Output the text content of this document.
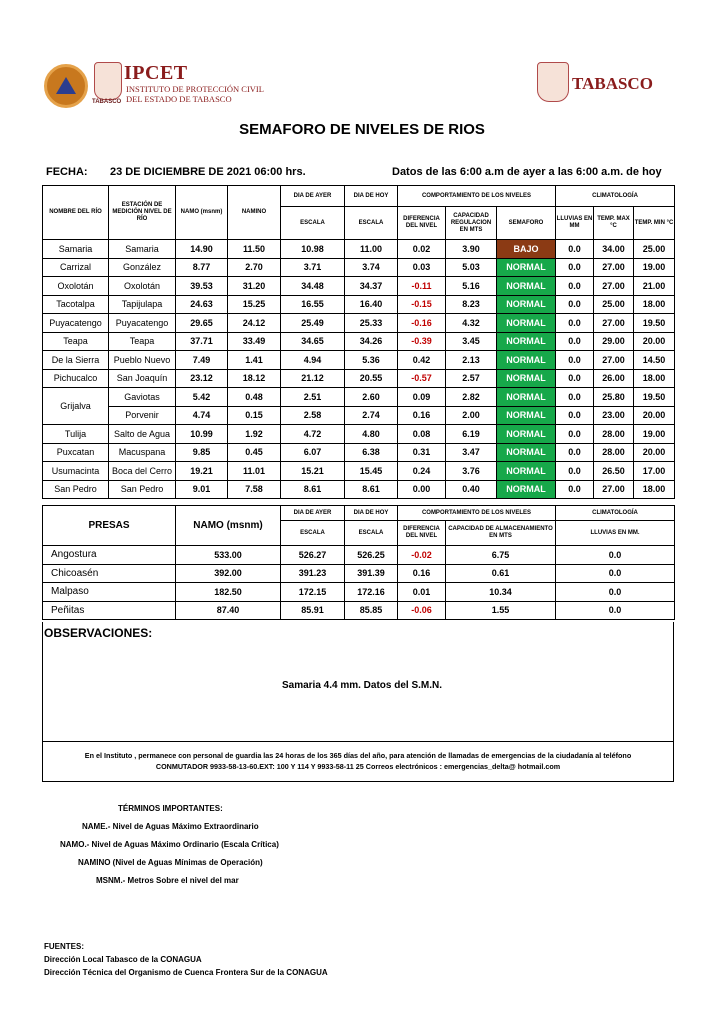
TABASCO
IPCET
INSTITUTO DE PROTECCIÓN CIVIL
DEL ESTADO DE TABASCO
TABASCO
SEMAFORO DE NIVELES DE RIOS
FECHA: 23 DE DICIEMBRE DE 2021 06:00 hrs.	Datos de las 6:00 a.m de ayer a las 6:00 a.m. de hoy
NOMBRE DEL RÍO	ESTACIÓN DE MEDICIÓN NIVEL DE RÍO	NAMO (msnm)	NAMINO	DIA DE AYER	DIA DE HOY	COMPORTAMIENTO DE LOS NIVELES			CLIMATOLOGÍA		
				ESCALA	ESCALA	DIFERENCIA DEL NIVEL	CAPACIDAD REGULACION EN MTS	SEMAFORO	LLUVIAS EN MM	TEMP. MAX °C	TEMP. MIN °C
Samaria	Samaria	14.90	11.50	10.98	11.00	0.02	3.90	BAJO	0.0	34.00	25.00
Carrizal	González	8.77	2.70	3.71	3.74	0.03	5.03	NORMAL	0.0	27.00	19.00
Oxolotán	Oxolotán	39.53	31.20	34.48	34.37	-0.11	5.16	NORMAL	0.0	27.00	21.00
Tacotalpa	Tapijulapa	24.63	15.25	16.55	16.40	-0.15	8.23	NORMAL	0.0	25.00	18.00
Puyacatengo	Puyacatengo	29.65	24.12	25.49	25.33	-0.16	4.32	NORMAL	0.0	27.00	19.50
Teapa	Teapa	37.71	33.49	34.65	34.26	-0.39	3.45	NORMAL	0.0	29.00	20.00
De la Sierra	Pueblo Nuevo	7.49	1.41	4.94	5.36	0.42	2.13	NORMAL	0.0	27.00	14.50
Pichucalco	San Joaquín	23.12	18.12	21.12	20.55	-0.57	2.57	NORMAL	0.0	26.00	18.00
Grijalva	Gaviotas	5.42	0.48	2.51	2.60	0.09	2.82	NORMAL	0.0	25.80	19.50
	Porvenir	4.74	0.15	2.58	2.74	0.16	2.00	NORMAL	0.0	23.00	20.00
Tulija	Salto de Agua	10.99	1.92	4.72	4.80	0.08	6.19	NORMAL	0.0	28.00	19.00
Puxcatan	Macuspana	9.85	0.45	6.07	6.38	0.31	3.47	NORMAL	0.0	28.00	20.00
Usumacinta	Boca del Cerro	19.21	11.01	15.21	15.45	0.24	3.76	NORMAL	0.0	26.50	17.00
San Pedro	San Pedro	9.01	7.58	8.61	8.61	0.00	0.40	NORMAL	0.0	27.00	18.00
PRESAS	NAMO (msnm)	DIA DE AYER	DIA DE HOY	COMPORTAMIENTO DE LOS NIVELES		CLIMATOLOGÍA
		ESCALA	ESCALA	DIFERENCIA DEL NIVEL	CAPACIDAD DE ALMACENAMIENTO EN MTS	LLUVIAS EN MM.
Angostura	533.00	526.27	526.25	-0.02	6.75	0.0
Chicoasén	392.00	391.23	391.39	0.16	0.61	0.0
Malpaso	182.50	172.15	172.16	0.01	10.34	0.0
Peñitas	87.40	85.91	85.85	-0.06	1.55	0.0
OBSERVACIONES:
Samaria 4.4 mm. Datos del S.M.N.
En el Instituto , permanece con personal de guardia las 24 horas de los 365 días del año, para atención de llamadas de emergencias de la ciudadanía al teléfono
CONMUTADOR 9933-58-13-60.EXT: 100 Y 114 Y 9933-58-11 25 Correos electrónicos : emergencias_delta@ hotmail.com
TÉRMINOS IMPORTANTES:
NAME.- Nivel de Aguas Máximo Extraordinario
NAMO.- Nivel de Aguas Máximo Ordinario (Escala Crítica)
NAMINO (Nivel de Aguas Mínimas de Operación)
MSNM.- Metros Sobre el nivel del mar
FUENTES:
Dirección Local Tabasco de la CONAGUA
Dirección Técnica del Organismo de Cuenca Frontera Sur de la CONAGUA
